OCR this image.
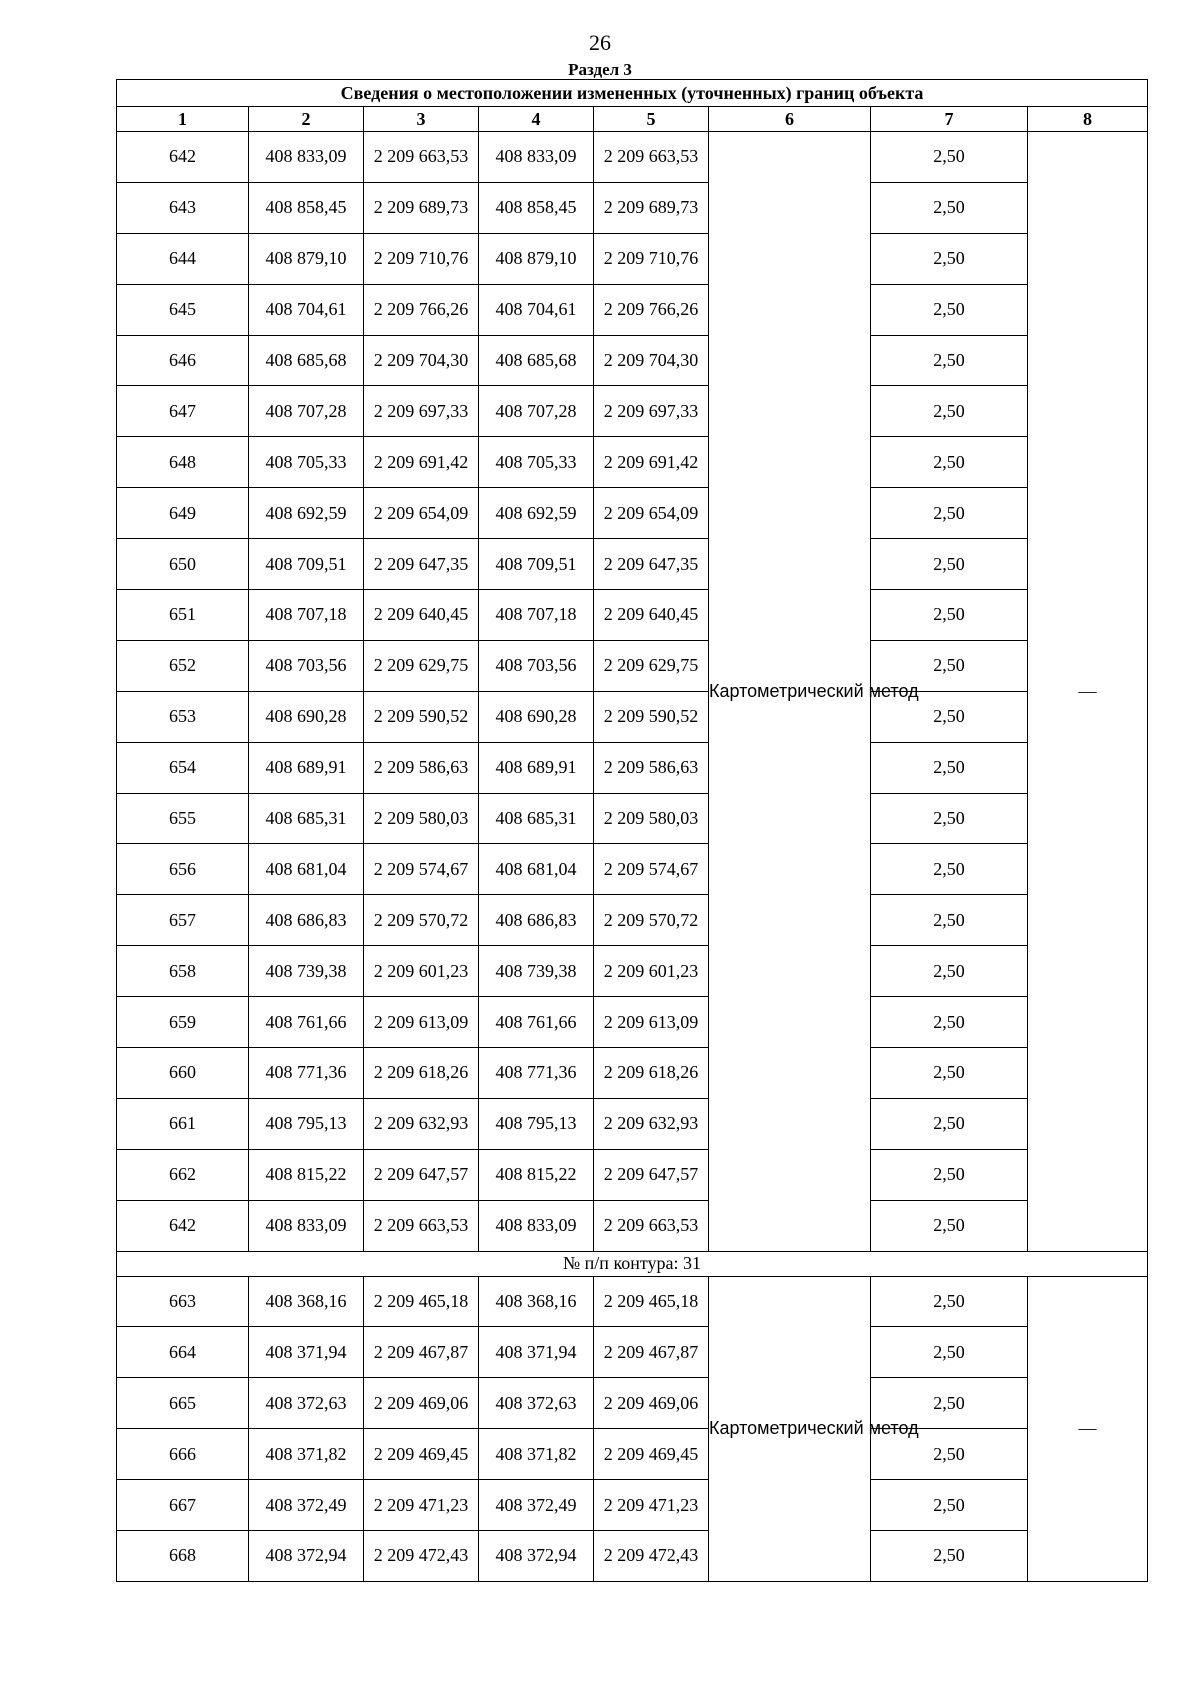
26
Раздел 3
Сведения о местоположении измененных (уточненных) границ объекта							
1	2	3	4	5	6	7	8
642	408 833,09	2 209 663,53	408 833,09	2 209 663,53	Картометрический метод	2,50	—
643	408 858,45	2 209 689,73	408 858,45	2 209 689,73		2,50	
644	408 879,10	2 209 710,76	408 879,10	2 209 710,76		2,50	
645	408 704,61	2 209 766,26	408 704,61	2 209 766,26		2,50	
646	408 685,68	2 209 704,30	408 685,68	2 209 704,30		2,50	
647	408 707,28	2 209 697,33	408 707,28	2 209 697,33		2,50	
648	408 705,33	2 209 691,42	408 705,33	2 209 691,42		2,50	
649	408 692,59	2 209 654,09	408 692,59	2 209 654,09		2,50	
650	408 709,51	2 209 647,35	408 709,51	2 209 647,35		2,50	
651	408 707,18	2 209 640,45	408 707,18	2 209 640,45		2,50	
652	408 703,56	2 209 629,75	408 703,56	2 209 629,75		2,50	
653	408 690,28	2 209 590,52	408 690,28	2 209 590,52		2,50	
654	408 689,91	2 209 586,63	408 689,91	2 209 586,63		2,50	
655	408 685,31	2 209 580,03	408 685,31	2 209 580,03		2,50	
656	408 681,04	2 209 574,67	408 681,04	2 209 574,67		2,50	
657	408 686,83	2 209 570,72	408 686,83	2 209 570,72		2,50	
658	408 739,38	2 209 601,23	408 739,38	2 209 601,23		2,50	
659	408 761,66	2 209 613,09	408 761,66	2 209 613,09		2,50	
660	408 771,36	2 209 618,26	408 771,36	2 209 618,26		2,50	
661	408 795,13	2 209 632,93	408 795,13	2 209 632,93		2,50	
662	408 815,22	2 209 647,57	408 815,22	2 209 647,57		2,50	
642	408 833,09	2 209 663,53	408 833,09	2 209 663,53		2,50	
№ п/п контура: 31							
663	408 368,16	2 209 465,18	408 368,16	2 209 465,18	Картометрический метод	2,50	—
664	408 371,94	2 209 467,87	408 371,94	2 209 467,87		2,50	
665	408 372,63	2 209 469,06	408 372,63	2 209 469,06		2,50	
666	408 371,82	2 209 469,45	408 371,82	2 209 469,45		2,50	
667	408 372,49	2 209 471,23	408 372,49	2 209 471,23		2,50	
668	408 372,94	2 209 472,43	408 372,94	2 209 472,43		2,50	
